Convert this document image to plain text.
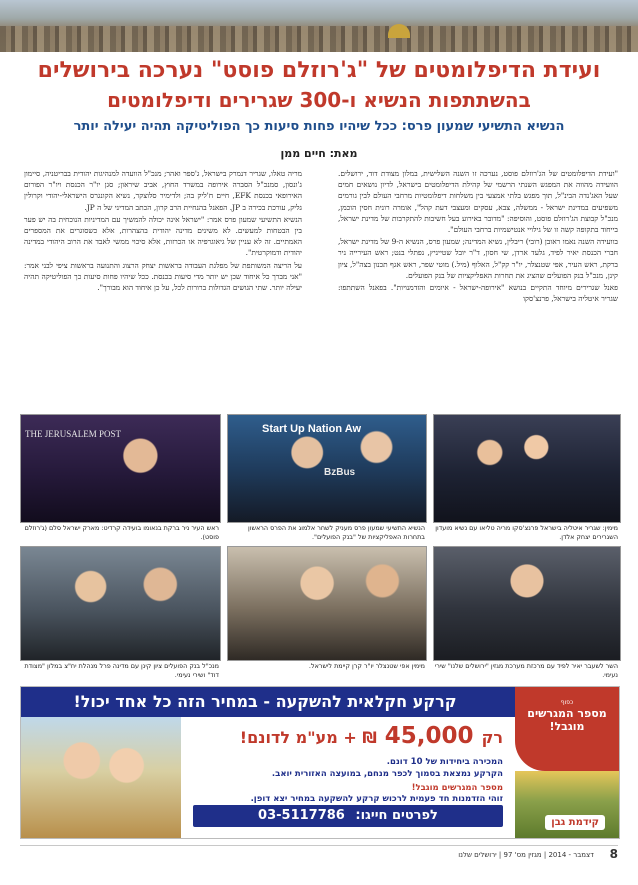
ועידת הדיפלומטים של "ג'רוזלם פוסט" נערכה בירושלים
בהשתתפות הנשיא ו-300 שגרירים ודיפלומטים
הנשיא התשיעי שמעון פרס: ככל שיהיו פחות סיעות כך הפוליטיקה תהיה יעילה יותר
מאת: חיים ממן

"ועידת הדיפלומטים של הג'רוזלם פוסט, נערכה זו השנה השלישית, במלון מצודת דוד, ירושלים. הוועידה מהווה את המפגש השנתי הרשמי של קהילת הדיפלומטים בישראל, לדיון נושאים חמים שעל האג'נדה הבינ"ל, תוך מפגש בלתי אמצעי בין משלחות דיפלומטיות מרחבי העולם לבין גורמים משפיעים במדינת ישראל - ממשלה, צבא, עסקים ומעצבי דעת קהל", אומרה רונית חסין הוכמן, מנכ"ל קבוצת הג'רוזלם פוסט, והוסיפה: "מדובר באירוע בעל חשיבות להתקרבות של מדינת ישראל, בייחוד בתקופה קשה זו של גילויי אנטישמיות ברחבי העולם".

בוועידה השנה נאמו ראובן (רובי) ריבלין, נשיא המדינה; שמעון פרס, הנשיא ה-9 של מדינת ישראל, חברי הכנסת יאיר לפיד, גלעד ארדן, שי חסון, ד"ר יובל שטייניץ, נפתלי בנט; ראש העירייה ניר ברקת, ראש העיר, אפי שטנצלר, יו"ר קק"ל, האלוף (מיל.) מוטי שפר, ראש אגף תכנון בצה"ל, ציון קינן, מנכ"ל בנק הפועלים שהציג את תחרות האפליקציות של בנק הפועלים.

פאנל שגרירים מיוחד התקיים בנושא "אירופה-ישראל - איומים והזדמנויות". בפאנל השתתפו: שגריר איטליה בישראל, פרנצ'סקו

מריה טאלו, שגריר דנמרק בישראל, ג'ספר ואהר; מנכ"ל הוועדה למנהיגות יהודית בבריטניה, סיימון ג'ונסון, סמנכ"ל הסברה אירופה במשרד החוץ, אביב שיראון; סגן יו"ר הכנסת ויו"ר הפורום האירופאי בכנסת EFK, חיים ח'ליק בה; ולדימיר סלוצקר, נשיא הקונגרס הישראלי-יהודי וקרולין גליק, עורכת בכירה ב JP. הפאנל בהנחיית הרב קרון, הכתב המדיני של ה JP.

הנשיא התשיעי שמעון פרס אמר: "ישראל אינה יכולה להמשיך עם המדיניות הנוכחית בה יש פער בין הבטחות למעשים. לא משינים מדינה יהודית בהצהרות, אלא כשסוגרים את המספרים האמתיים. זה לא עניין של גיאוגרפיה או הכרזות, אלא סיכוי ממשי לאבד את הרוב היהודי במדינה יהודית ודמוקרטית".

על הריצה המשותפת של מפלגת העבודה בראשות יצחק הרצוג והתנועה בראשות ציפי לבני אמר: "אני מברך כל איחוד שכן יש יותר מדי סיעות בכנסת. ככל שיהיו פחות סיעות כך הפוליטיקה תהיה יעילה יותר. שתי הגושים הגדולות ברורות לכל, על כן איחוד הוא מבורך".

Start Up Nation Aw
BzBus
THE JERUSALEM POST
מימין: שגריר איטליה בישראל פרנצ'סקו מריה טליאו עם נשיא מועדון השגרירים יצחק אלדן.
הנשיא התשיעי שמעון פרס מעניק לשחר אלמוג את הפרס הראשון בתחרות האפליקציות של "בנק הפועלים".
ראש העיר ניר ברקת בנאומו בועידה קרדיט: מארק ישראל סלם (ג'רוזלם פוסט).
השר לשעבר יאיר לפיד עם מרכזת מערכת מגזין "ירושלים שלנו" שירי נעימי.
מימין אפי שטנצלר יו"ר קרן קיימת לישראל.
מנכ"ל בנק הפועלים ציון קינן עם מדינה פרל מנהלת יח"צ במלון "מצודת דוד" ושירי נעימי.
קרקע חקלאית להשקעה - במחיר הזה כל אחד יכול!	כפוף
מספר המגרשים מוגבל!
קידמת גבן
רק 45,000 ₪ + מע"מ לדונם!
המכירה ביחידות של 10 דונם.
הקרקע נמצאת בסמוך לכפר מנחם, במועצה האזורית יואב.
מספר המגרשים מוגבל!
זוהי הזדמנות חד פעמית לרכוש קרקע להשקעה במחיר יצא דופן.
לפרטים חייגו: 03-5117786
8
דצמבר - 2014 | מגזין מס' 97 | ירושלים שלנו
